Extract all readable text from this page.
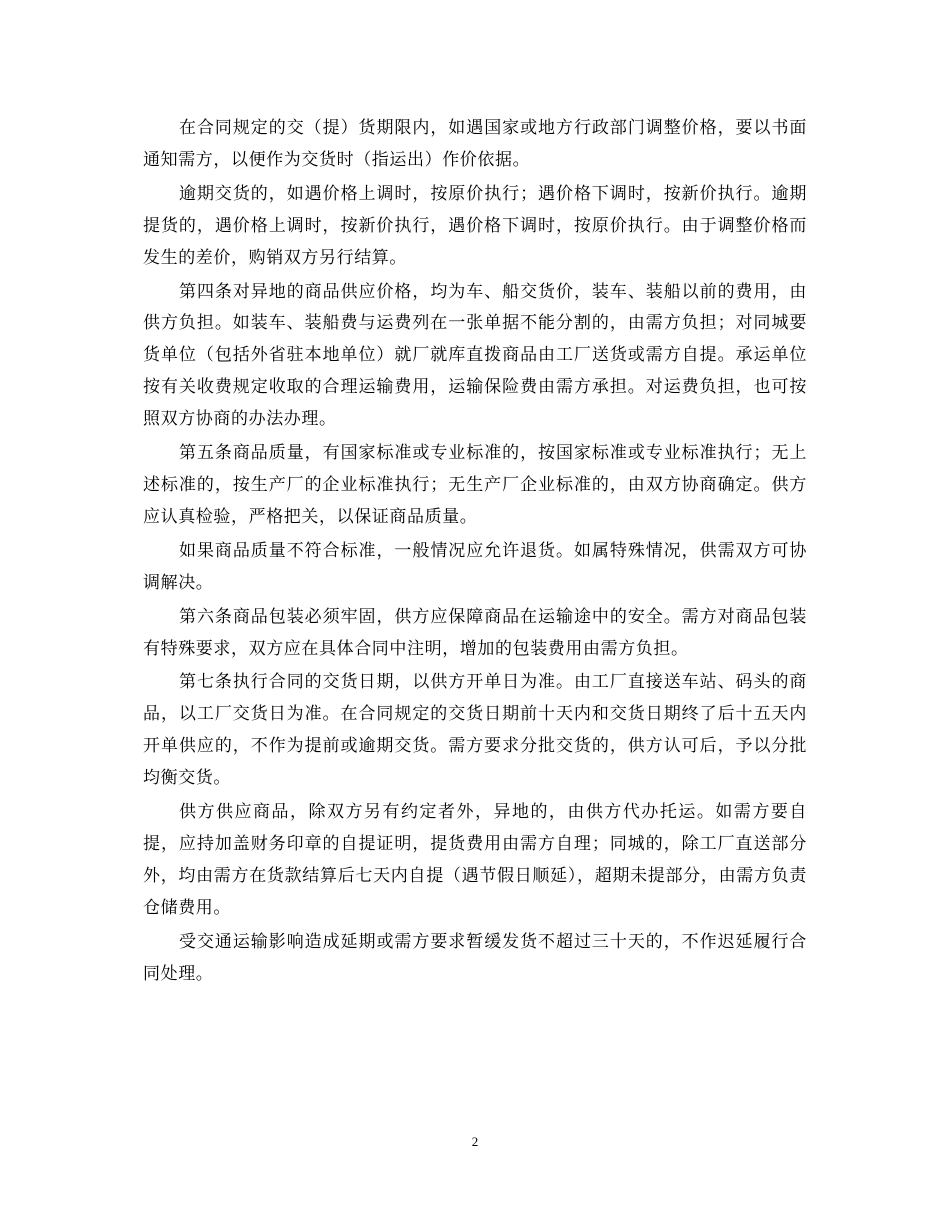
在合同规定的交（提）货期限内，如遇国家或地方行政部门调整价格，要以书面通知需方，以便作为交货时（指运出）作价依据。

逾期交货的，如遇价格上调时，按原价执行；遇价格下调时，按新价执行。逾期提货的，遇价格上调时，按新价执行，遇价格下调时，按原价执行。由于调整价格而发生的差价，购销双方另行结算。

第四条对异地的商品供应价格，均为车、船交货价，装车、装船以前的费用，由供方负担。如装车、装船费与运费列在一张单据不能分割的，由需方负担；对同城要货单位（包括外省驻本地单位）就厂就库直拨商品由工厂送货或需方自提。承运单位按有关收费规定收取的合理运输费用，运输保险费由需方承担。对运费负担，也可按照双方协商的办法办理。

第五条商品质量，有国家标准或专业标准的，按国家标准或专业标准执行；无上述标准的，按生产厂的企业标准执行；无生产厂企业标准的，由双方协商确定。供方应认真检验，严格把关，以保证商品质量。

如果商品质量不符合标准，一般情况应允许退货。如属特殊情况，供需双方可协调解决。

第六条商品包装必须牢固，供方应保障商品在运输途中的安全。需方对商品包装有特殊要求，双方应在具体合同中注明，增加的包装费用由需方负担。

第七条执行合同的交货日期，以供方开单日为准。由工厂直接送车站、码头的商品，以工厂交货日为准。在合同规定的交货日期前十天内和交货日期终了后十五天内开单供应的，不作为提前或逾期交货。需方要求分批交货的，供方认可后，予以分批均衡交货。

供方供应商品，除双方另有约定者外，异地的，由供方代办托运。如需方要自提，应持加盖财务印章的自提证明，提货费用由需方自理；同城的，除工厂直送部分外，均由需方在货款结算后七天内自提（遇节假日顺延），超期未提部分，由需方负责仓储费用。

受交通运输影响造成延期或需方要求暂缓发货不超过三十天的，不作迟延履行合同处理。

2
